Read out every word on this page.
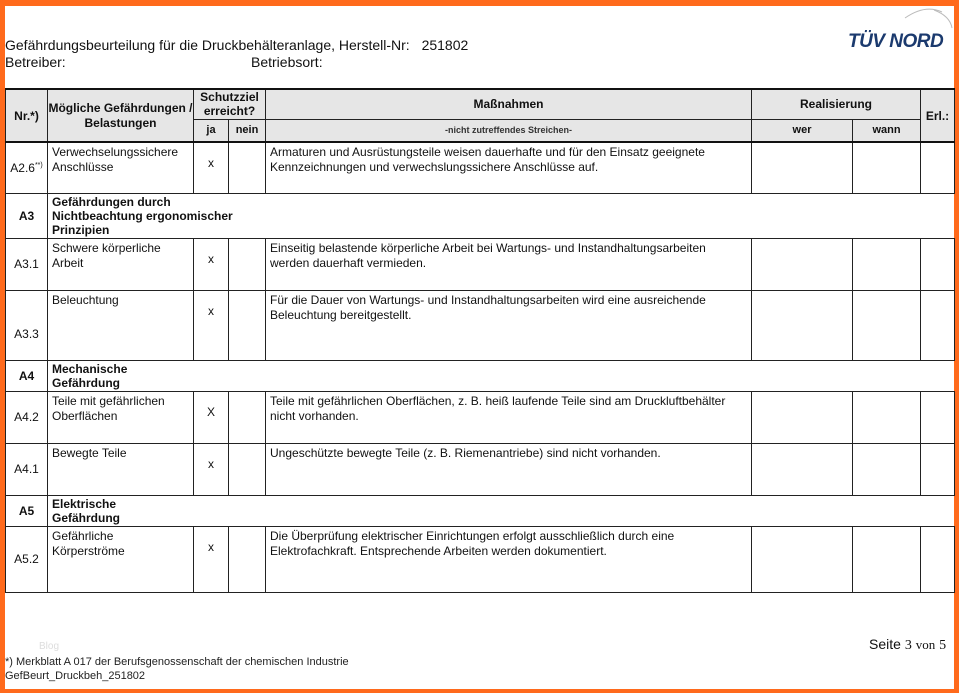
Gefährdungsbeurteilung für die Druckbehälteranlage, Herstell-Nr: 251802
Betreiber:	Betriebsort:
TÜV NORD
Nr.*)	Mögliche Gefährdungen / Belastungen	Schutzziel erreicht?		Maßnahmen	Realisierung		Erl.:
		ja	nein	-nicht zutreffendes Streichen-	wer	wann	
A2.6**)	Verwechselungssichere Anschlüsse	x		Armaturen und Ausrüstungsteile weisen dauerhafte und für den Einsatz geeignete Kennzeichnungen und verwechslungssichere Anschlüsse auf.			
A3	Gefährdungen durch Nichtbeachtung ergonomischer Prinzipien						

A3.1	Schwere körperliche Arbeit	x		Einseitig belastende körperliche Arbeit bei Wartungs- und Instandhaltungsarbeiten werden dauerhaft vermieden.			
A3.3	Beleuchtung	x		Für die Dauer von Wartungs- und Instandhaltungsarbeiten wird eine ausreichende Beleuchtung bereitgestellt.			
A4	Mechanische Gefährdung						

A4.2	Teile mit gefährlichen Oberflächen	X		Teile mit gefährlichen Oberflächen, z. B. heiß laufende Teile sind am Druckluftbehälter nicht vorhanden.			
A4.1	Bewegte Teile	x		Ungeschützte bewegte Teile (z. B. Riemenantriebe) sind nicht vorhanden.			
A5	Elektrische Gefährdung						

A5.2	Gefährliche Körperströme	x		Die Überprüfung elektrischer Einrichtungen erfolgt ausschließlich durch eine Elektrofachkraft. Entsprechende Arbeiten werden dokumentiert.			
Blog	Seite 3 von 5
*) Merkblatt A 017 der Berufsgenossenschaft der chemischen Industrie
GefBeurt_Druckbeh_251802
